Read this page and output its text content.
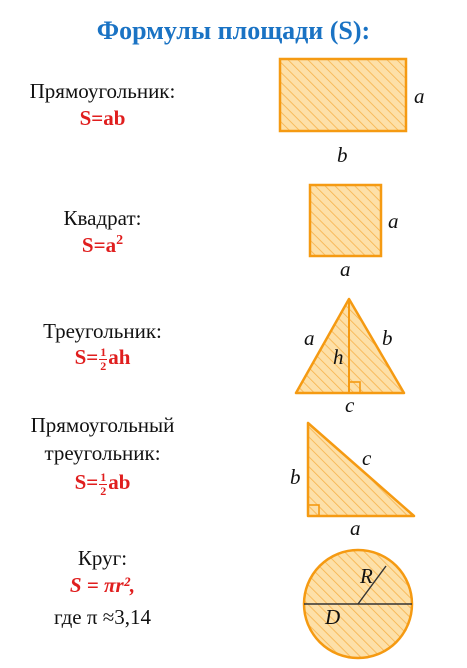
Формулы площади (S):
Прямоугольник:
S=ab
Квадрат:
$S=a^2$
Треугольник:
$S= \frac{1}{2}$ ah
Прямоугольный
треугольник:
$S= \frac{1}{2}$ ab
Круг:
S = πr²,
где π ≈3,14
a
b
a
a
a	b
h
c
b
c
a
R
D
